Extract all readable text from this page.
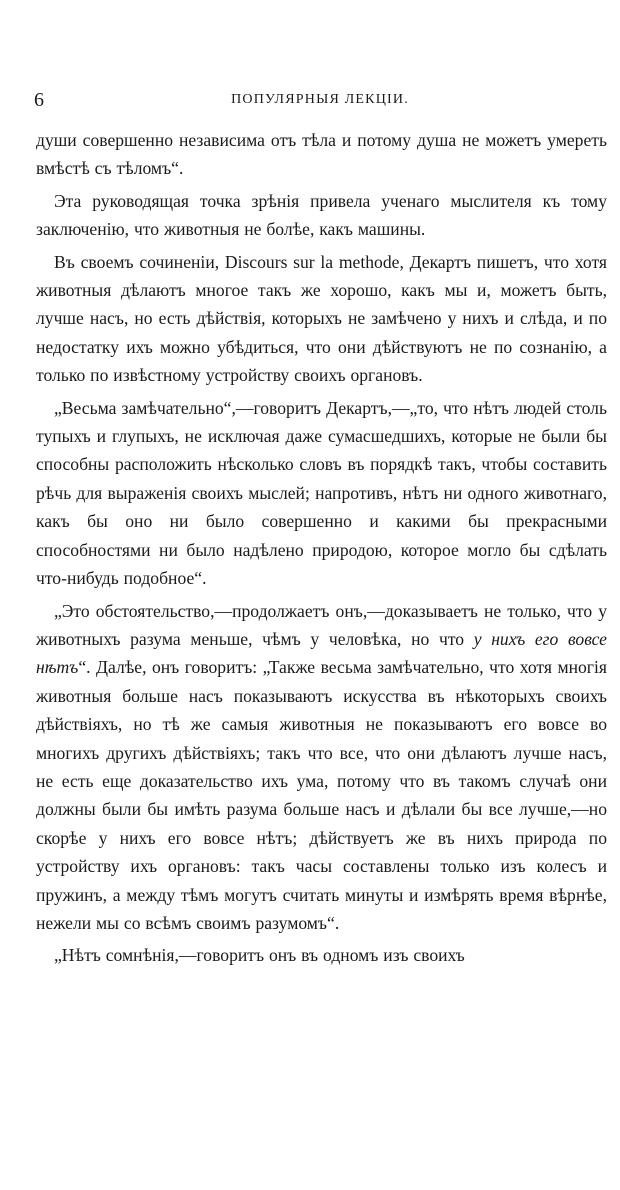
6	ПОПУЛЯРНЫЯ ЛЕКЦІИ.

души совершенно независима отъ тѣла и потому душа не можетъ умереть вмѣстѣ съ тѣломъ“.

Эта руководящая точка зрѣнія привела ученаго мыслителя къ тому заключенію, что животныя не болѣе, какъ машины.

Въ своемъ сочиненіи, Discours sur la methode, Декартъ пишетъ, что хотя животныя дѣлаютъ многое такъ же хорошо, какъ мы и, можетъ быть, лучше насъ, но есть дѣйствія, которыхъ не замѣчено у нихъ и слѣда, и по недостатку ихъ можно убѣдиться, что они дѣйствуютъ не по сознанію, а только по извѣстному устройству своихъ органовъ.

„Весьма замѣчательно“,—говоритъ Декартъ,—„то, что нѣтъ людей столь тупыхъ и глупыхъ, не исключая даже сумасшедшихъ, которые не были бы способны расположить нѣсколько словъ въ порядкѣ такъ, чтобы составить рѣчь для выраженія своихъ мыслей; напротивъ, нѣтъ ни одного животнаго, какъ бы оно ни было совершенно и какими бы прекрасными способностями ни было надѣлено природою, которое могло бы сдѣлать что-нибудь подобное“.

„Это обстоятельство,—продолжаетъ онъ,—доказываетъ не только, что у животныхъ разума меньше, чѣмъ у человѣка, но что у нихъ его вовсе нѣтъ“. Далѣе, онъ говоритъ: „Также весьма замѣчательно, что хотя многія животныя больше насъ показываютъ искусства въ нѣкоторыхъ своихъ дѣйствіяхъ, но тѣ же самыя животныя не показываютъ его вовсе во многихъ другихъ дѣйствіяхъ; такъ что все, что они дѣлаютъ лучше насъ, не есть еще доказательство ихъ ума, потому что въ такомъ случаѣ они должны были бы имѣть разума больше насъ и дѣлали бы все лучше,—но скорѣе у нихъ его вовсе нѣтъ; дѣйствуетъ же въ нихъ природа по устройству ихъ органовъ: такъ часы составлены только изъ колесъ и пружинъ, а между тѣмъ могутъ считать минуты и измѣрять время вѣрнѣе, нежели мы со всѣмъ своимъ разумомъ“.

„Нѣтъ сомнѣнія,—говоритъ онъ въ одномъ изъ своихъ
